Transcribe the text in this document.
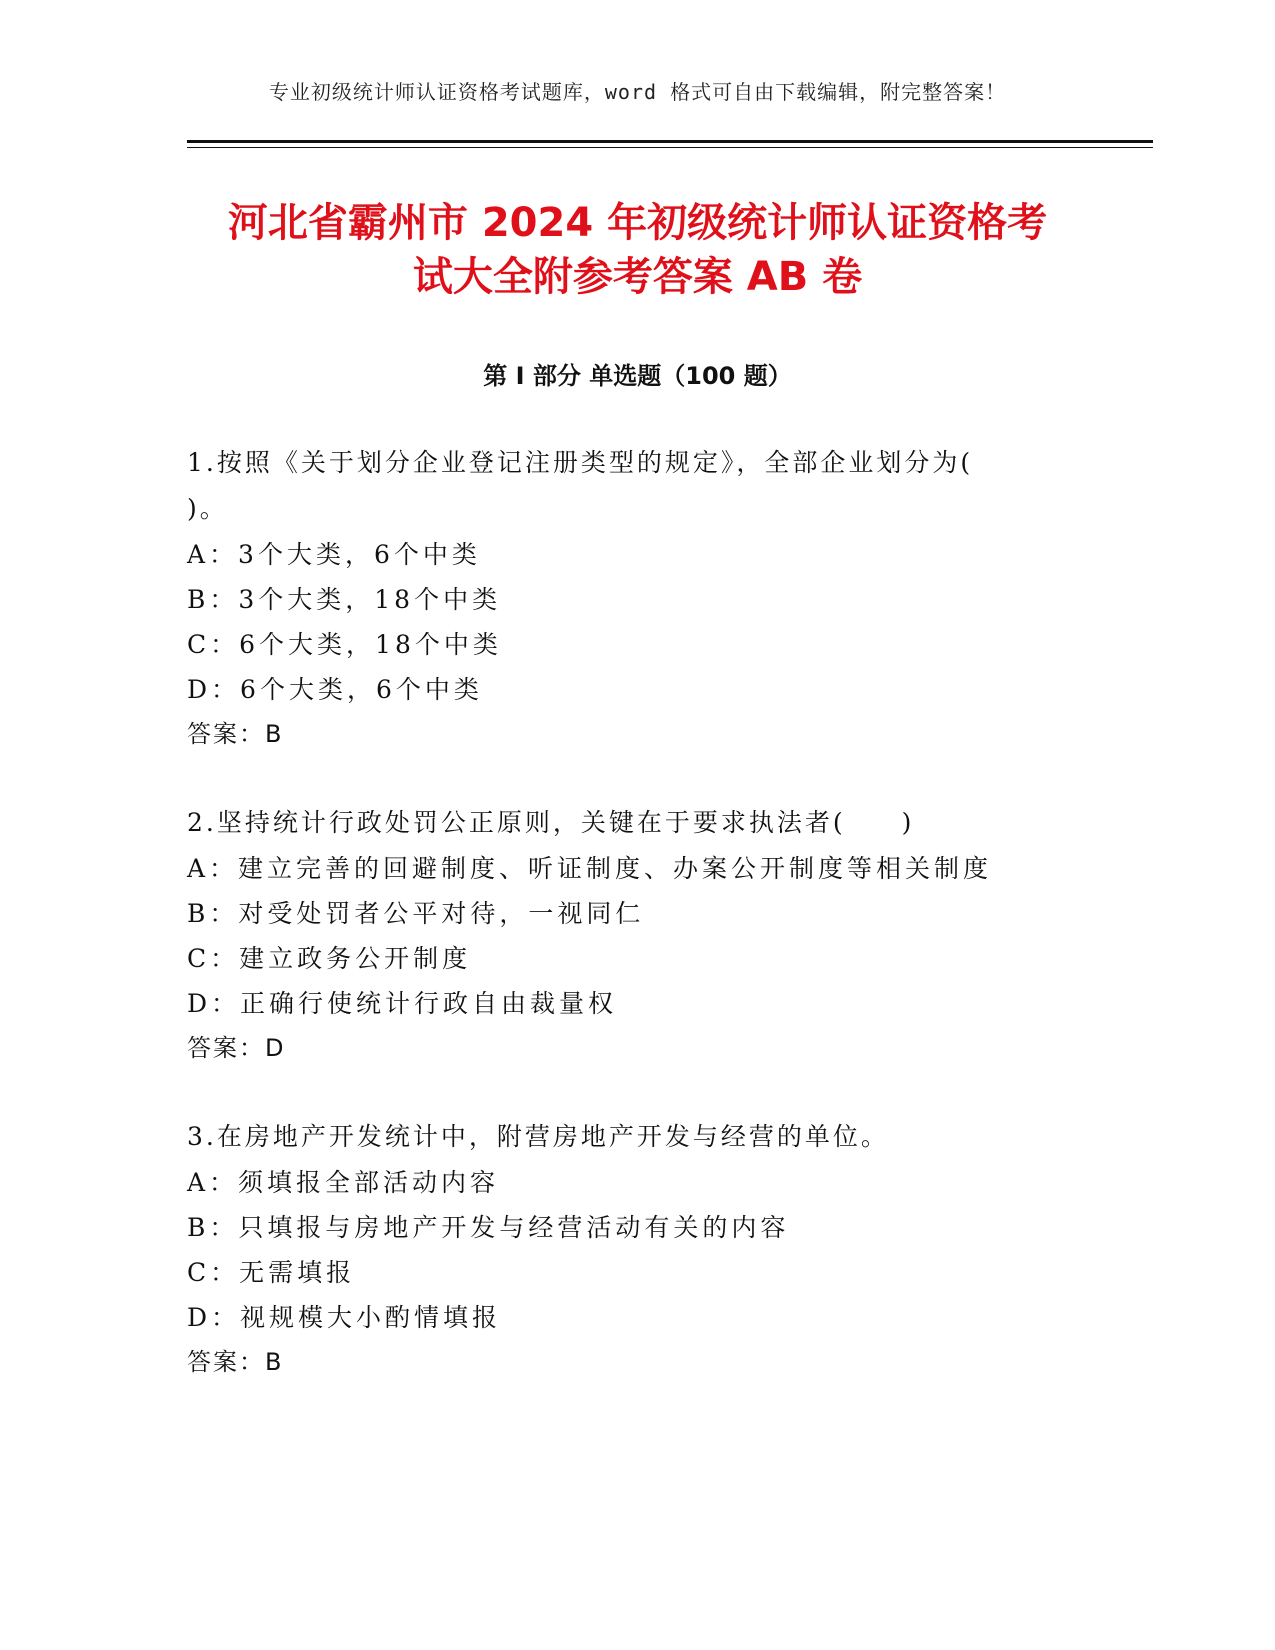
专业初级统计师认证资格考试题库，word 格式可自由下载编辑，附完整答案！
河北省霸州市 2024 年初级统计师认证资格考
试大全附参考答案 AB 卷
第 I 部分 单选题（100 题）
1.按照《关于划分企业登记注册类型的规定》，全部企业划分为(
)。
A：3个大类，6个中类
B：3个大类，18个中类
C：6个大类，18个中类
D：6个大类，6个中类
答案：B
2.坚持统计行政处罚公正原则，关键在于要求执法者(　　)
A：建立完善的回避制度、听证制度、办案公开制度等相关制度
B：对受处罚者公平对待，一视同仁
C：建立政务公开制度
D：正确行使统计行政自由裁量权
答案：D
3.在房地产开发统计中，附营房地产开发与经营的单位。
A：须填报全部活动内容
B：只填报与房地产开发与经营活动有关的内容
C：无需填报
D：视规模大小酌情填报
答案：B
